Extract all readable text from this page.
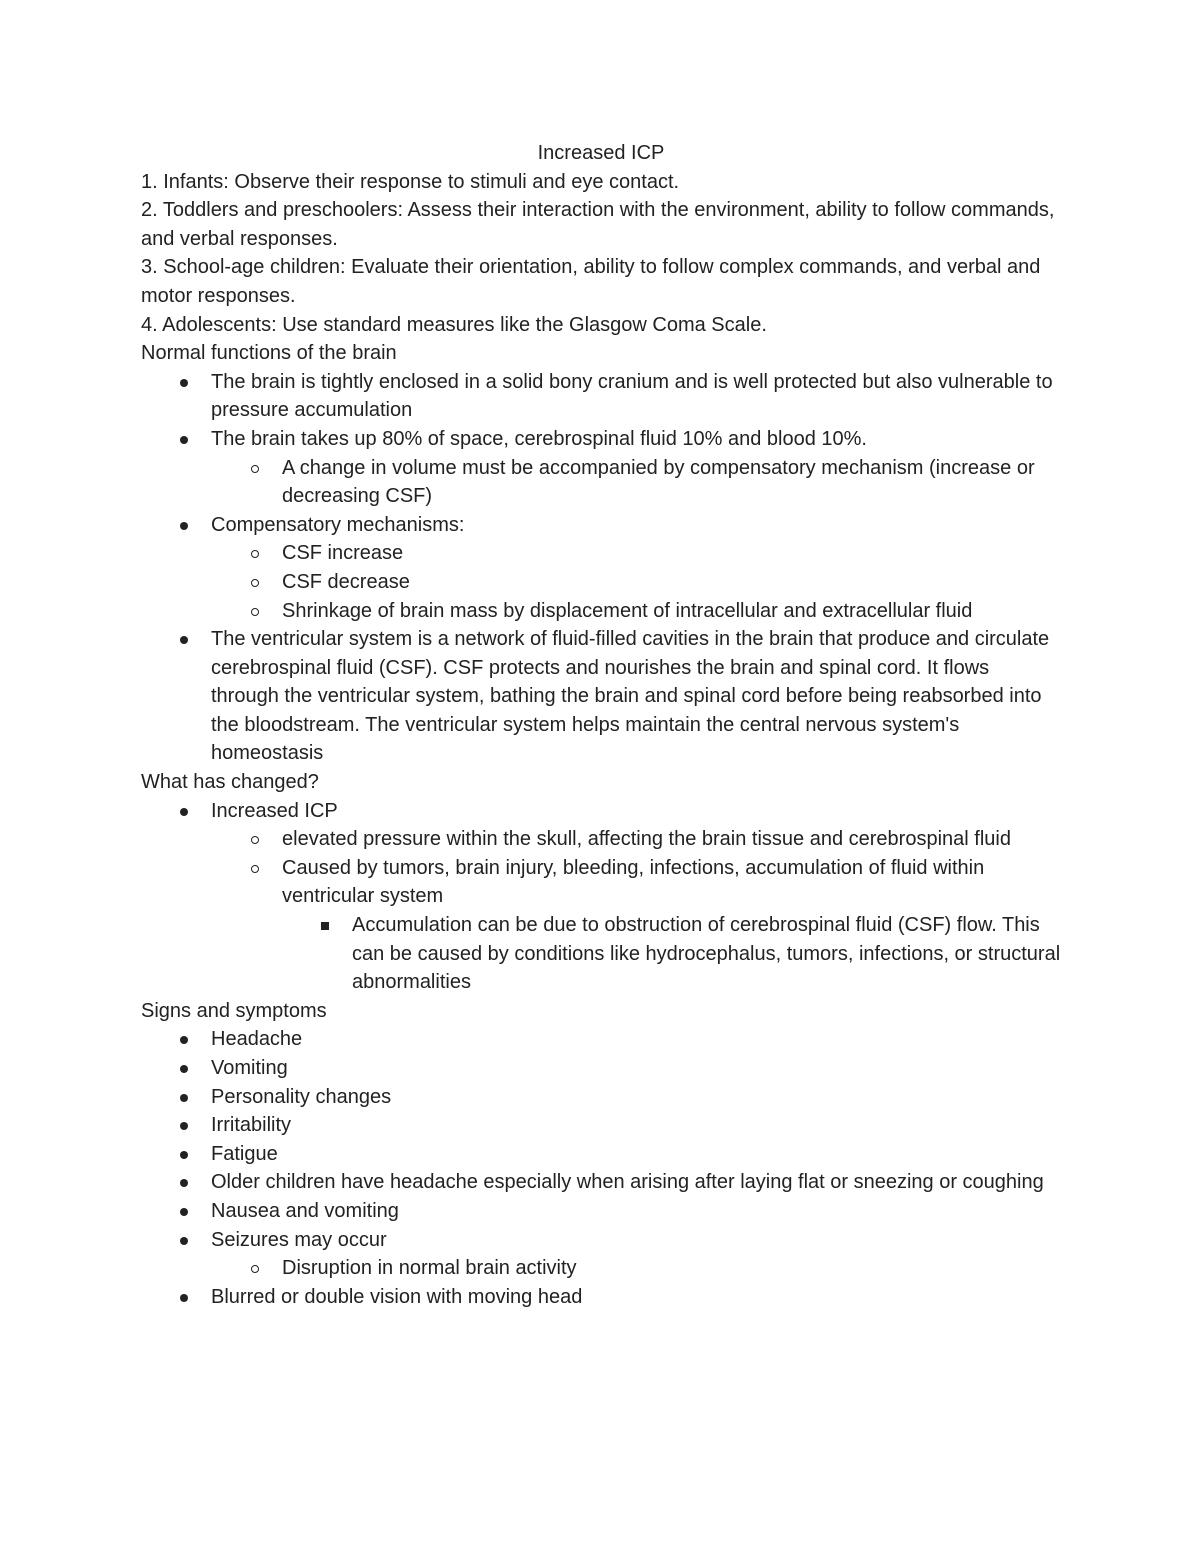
Increased ICP

1. Infants: Observe their response to stimuli and eye contact.

2. Toddlers and preschoolers: Assess their interaction with the environment, ability to follow commands, and verbal responses.

3. School-age children: Evaluate their orientation, ability to follow complex commands, and verbal and motor responses.

4. Adolescents: Use standard measures like the Glasgow Coma Scale.

Normal functions of the brain

The brain is tightly enclosed in a solid bony cranium and is well protected but also vulnerable to pressure accumulation
The brain takes up 80% of space, cerebrospinal fluid 10% and blood 10%.
A change in volume must be accompanied by compensatory mechanism (increase or decreasing CSF)
Compensatory mechanisms:
CSF increase
CSF decrease
Shrinkage of brain mass by displacement of intracellular and extracellular fluid
The ventricular system is a network of fluid-filled cavities in the brain that produce and circulate cerebrospinal fluid (CSF). CSF protects and nourishes the brain and spinal cord. It flows through the ventricular system, bathing the brain and spinal cord before being reabsorbed into the bloodstream. The ventricular system helps maintain the central nervous system's homeostasis

What has changed?

Increased ICP
elevated pressure within the skull, affecting the brain tissue and cerebrospinal fluid
Caused by tumors, brain injury, bleeding, infections, accumulation of fluid within ventricular system
Accumulation can be due to obstruction of cerebrospinal fluid (CSF) flow. This can be caused by conditions like hydrocephalus, tumors, infections, or structural abnormalities

Signs and symptoms

Headache
Vomiting
Personality changes
Irritability
Fatigue
Older children have headache especially when arising after laying flat or sneezing or coughing
Nausea and vomiting
Seizures may occur
Disruption in normal brain activity
Blurred or double vision with moving head
